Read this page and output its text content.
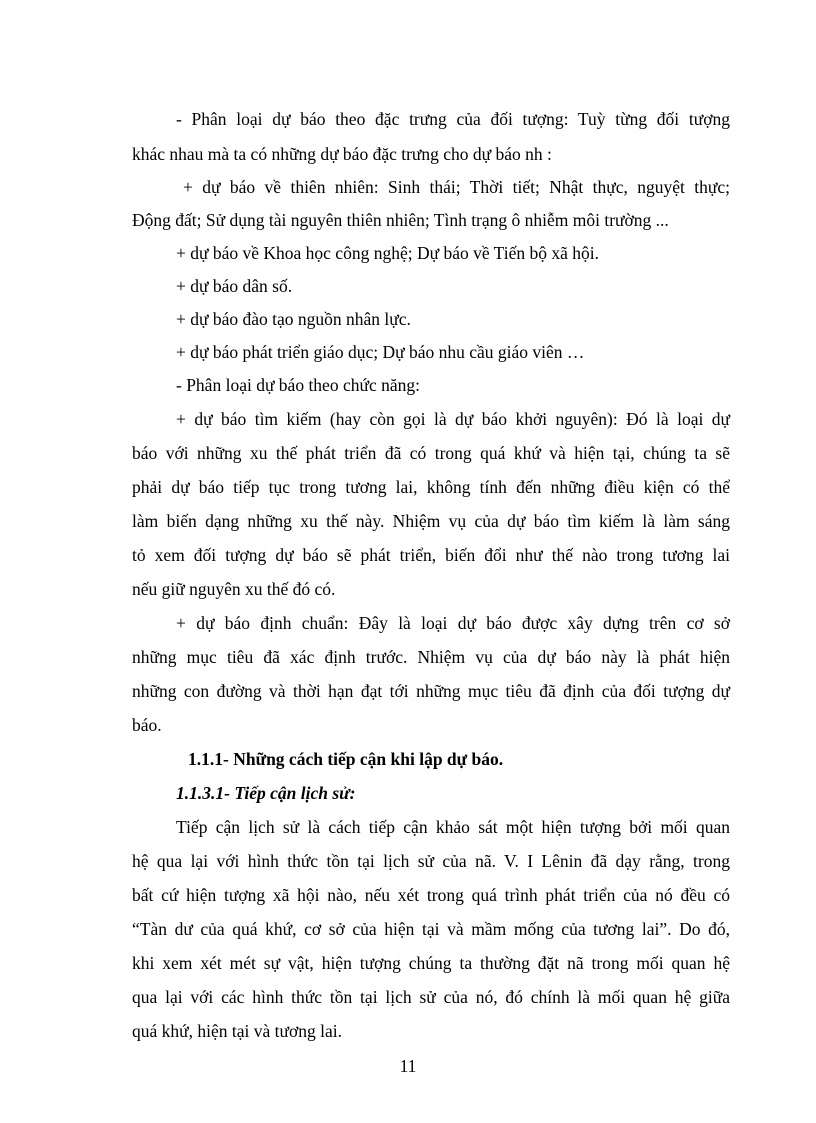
- Phân loại dự báo theo đặc trưng của đối tượng: Tuỳ từng đối tượng
khác nhau mà ta có những dự báo đặc trưng cho dự báo nh :
+ dự báo về thiên nhiên: Sinh thái; Thời tiết; Nhật thực, nguyệt thực;
Động đất; Sử dụng tài nguyên thiên nhiên; Tình trạng ô nhiễm môi trường ...
+ dự báo về Khoa học công nghệ; Dự báo về Tiến bộ xã hội.
+ dự báo dân số.
+ dự báo đào tạo nguồn nhân lực.
+ dự báo phát triển giáo dục; Dự báo nhu cầu giáo viên …
- Phân loại dự báo theo chức năng:
+ dự báo tìm kiếm (hay còn gọi là dự báo khởi nguyên): Đó là loại dự
báo với những xu thế phát triển đã có trong quá khứ và hiện tại, chúng ta sẽ
phải dự báo tiếp tục trong tương lai, không tính đến những điều kiện có thể
làm biến dạng những xu thế này. Nhiệm vụ của dự báo tìm kiếm là làm sáng
tỏ xem đối tượng dự báo sẽ phát triển, biến đổi như thế nào trong tương lai
nếu giữ nguyên xu thế đó có.
+ dự báo định chuẩn: Đây là loại dự báo được xây dựng trên cơ sở
những mục tiêu đã xác định trước. Nhiệm vụ của dự báo này là phát hiện
những con đường và thời hạn đạt tới những mục tiêu đã định của đối tượng dự
báo.
1.1.1- Những cách tiếp cận khi lập dự báo.
1.1.3.1- Tiếp cận lịch sử:
Tiếp cận lịch sử là cách tiếp cận khảo sát một hiện tượng bởi mối quan
hệ qua lại với hình thức tồn tại lịch sử của nã. V. I Lênin đã dạy rằng, trong
bất cứ hiện tượng xã hội nào, nếu xét trong quá trình phát triển của nó đều có
“Tàn dư của quá khứ, cơ sở của hiện tại và mầm mống của tương lai”. Do đó,
khi xem xét mét sự vật, hiện tượng chúng ta thường đặt nã trong mối quan hệ
qua lại với các hình thức tồn tại lịch sử của nó, đó chính là mối quan hệ giữa
quá khứ, hiện tại và tương lai.
11
